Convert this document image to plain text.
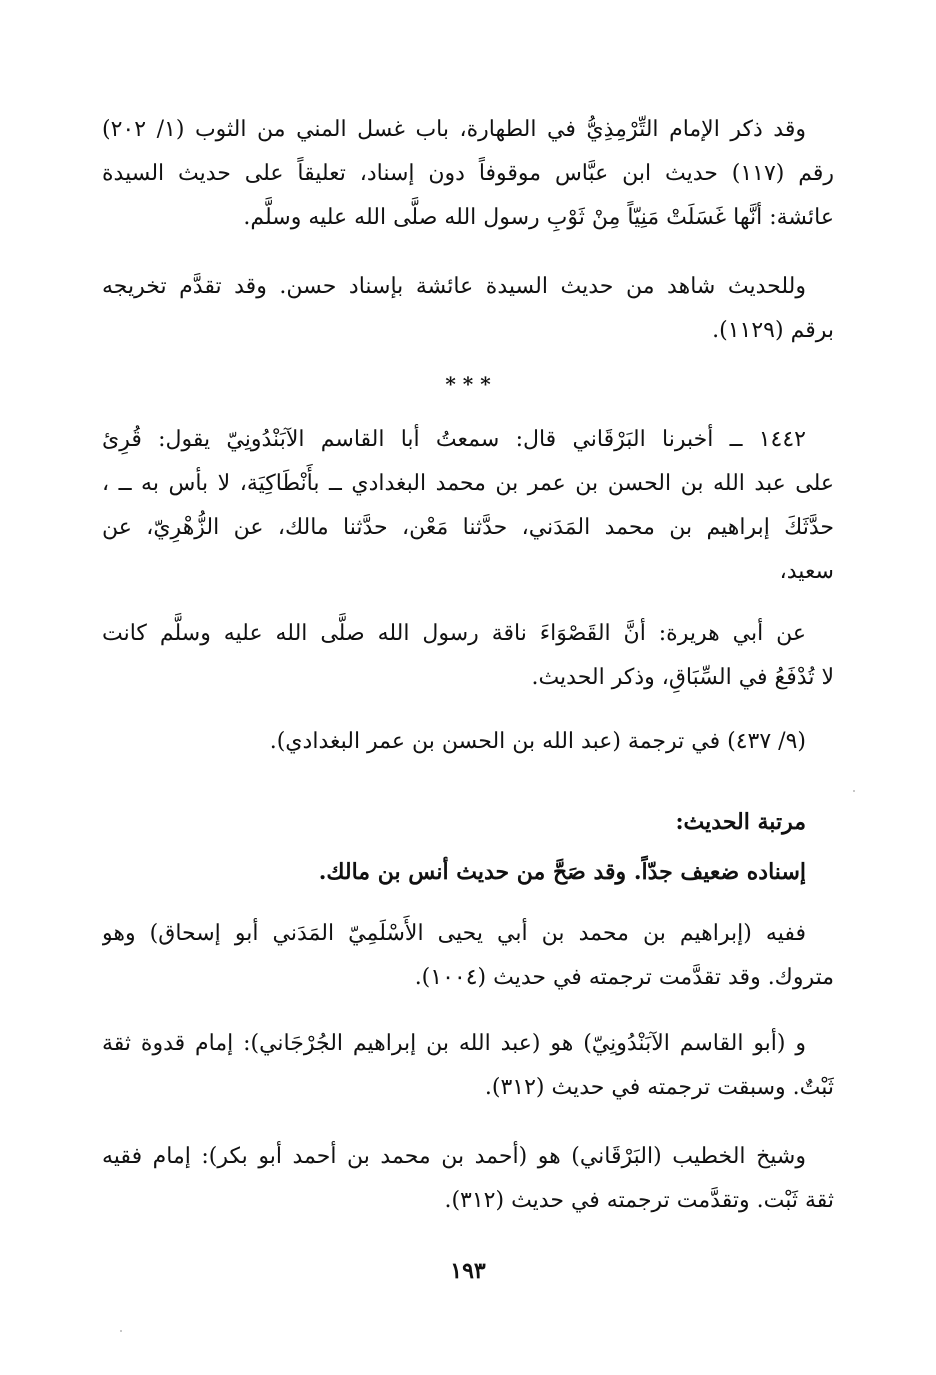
وقد ذكر الإمام التِّرْمِذِيُّ في الطهارة، باب غسل المني من الثوب (١/ ٢٠٢)
رقم (١١٧) حديث ابن عبَّاس موقوفاً دون إسناد، تعليقاً على حديث السيدة
عائشة: أنَّها غَسَلَتْ مَنِيّاً مِنْ ثَوْبِ رسول الله صلَّى الله عليه وسلَّم.
وللحديث شاهد من حديث السيدة عائشة بإسناد حسن. وقد تقدَّم تخريجه
برقم (١١٢٩).
* * *
١٤٤٢ ــ أخبرنا البَرْقَاني قال: سمعتُ أبا القاسم الآبَنْدُونِيّ يقول: قُرِئ
على عبد الله بن الحسن بن عمر بن محمد البغدادي ــ بأَنْطَاكِيَة، لا بأس به ــ ،
حدَّثَكَ إبراهيم بن محمد المَدَني، حدَّثنا مَعْن، حدَّثنا مالك، عن الزُّهْرِيّ، عن
سعيد،
عن أبي هريرة: أنَّ القَصْوَاءَ ناقة رسول الله صلَّى الله عليه وسلَّم كانت
لا تُدْفَعُ في السِّبَاقِ، وذكر الحديث.
(٩/ ٤٣٧) في ترجمة (عبد الله بن الحسن بن عمر البغدادي).
مرتبة الحديث:
إسناده ضعيف جدّاً. وقد صَحَّ من حديث أنس بن مالك.
ففيه (إبراهيم بن محمد بن أبي يحيى الأَسْلَمِيّ المَدَني أبو إسحاق) وهو
متروك. وقد تقدَّمت ترجمته في حديث (١٠٠٤).
و (أبو القاسم الآبَنْدُونِيّ) هو (عبد الله بن إبراهيم الجُرْجَاني): إمام قدوة ثقة
ثَبْتٌ. وسبقت ترجمته في حديث (٣١٢).
وشيخ الخطيب (البَرْقَاني) هو (أحمد بن محمد بن أحمد أبو بكر): إمام فقيه
ثقة ثَبْت. وتقدَّمت ترجمته في حديث (٣١٢).
١٩٣
